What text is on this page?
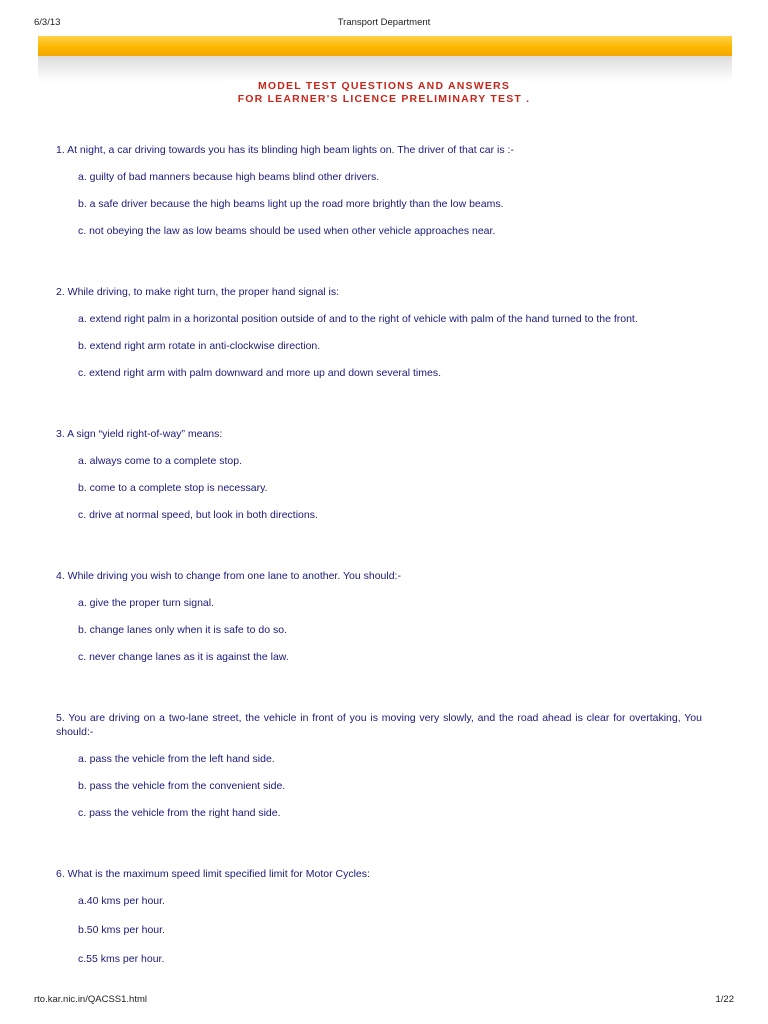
6/3/13	Transport Department
MODEL TEST QUESTIONS AND ANSWERS
FOR LEARNER'S LICENCE PRELIMINARY TEST .
1. At night, a car driving towards you has its blinding high beam lights on. The driver of that car is :-
a. guilty of bad manners because high beams blind other drivers.
b. a safe driver because the high beams light up the road more brightly than the low beams.
c. not obeying the law as low beams should be used when other vehicle approaches near.
2. While driving, to make right turn, the proper hand signal is:
a. extend right palm in a horizontal position outside of and to the right of vehicle with palm of the hand turned to the front.
b. extend right arm rotate in anti-clockwise direction.
c. extend right arm with palm downward and more up and down several times.
3. A sign “yield right-of-way” means:
a. always come to a complete stop.
b. come to a complete stop is necessary.
c. drive at normal speed, but look in both directions.
4. While driving you wish to change from one lane to another. You should:-
a. give the proper turn signal.
b. change lanes only when it is safe to do so.
c. never change lanes as it is against the law.
5. You are driving on a two-lane street, the vehicle in front of you is moving very slowly, and the road ahead is clear for overtaking, You should:-
a. pass the vehicle from the left hand side.
b. pass the vehicle from the convenient side.
c. pass the vehicle from the right hand side.
6. What is the maximum speed limit specified limit for Motor Cycles:
a.40 kms per hour.
b.50 kms per hour.
c.55 kms per hour.
rto.kar.nic.in/QACSS1.html	1/22
